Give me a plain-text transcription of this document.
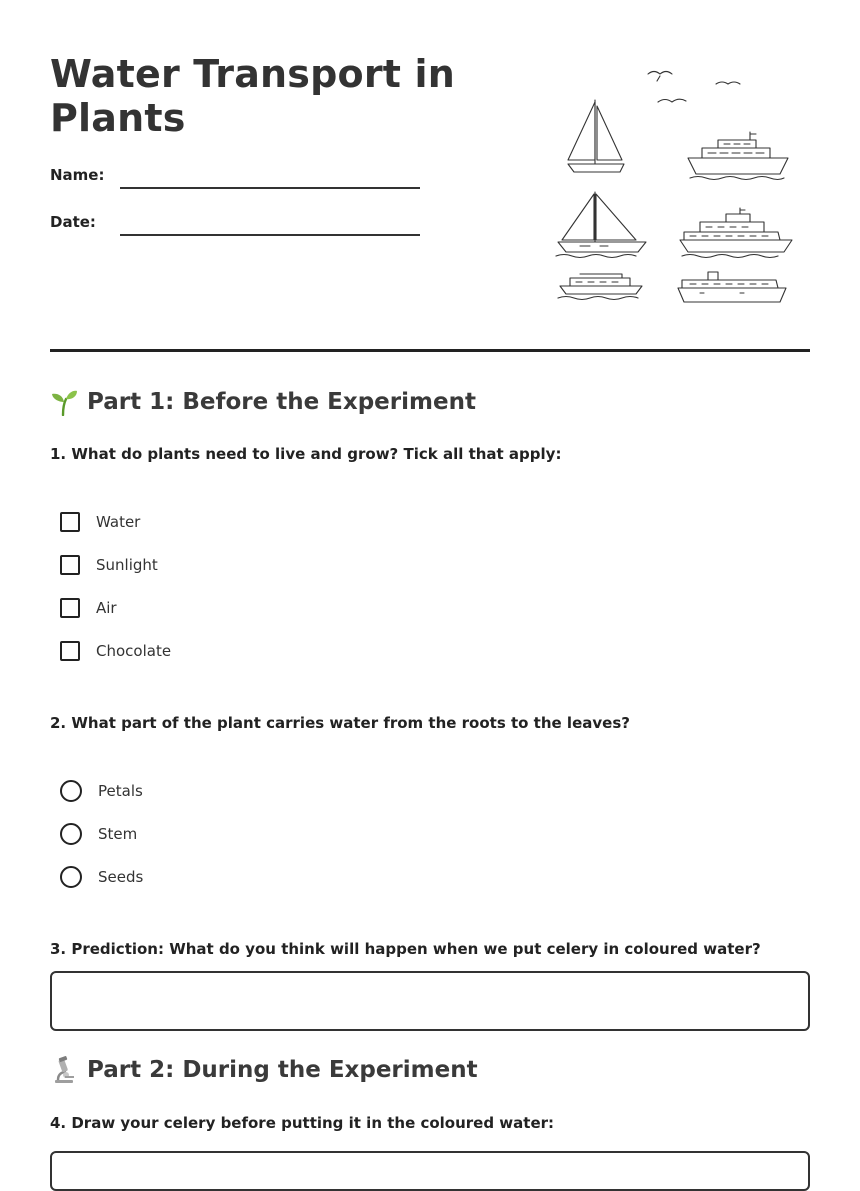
Water Transport in Plants
Name:
Date:
Part 1: Before the Experiment
1. What do plants need to live and grow? Tick all that apply:
Water
Sunlight
Air
Chocolate
2. What part of the plant carries water from the roots to the leaves?
Petals
Stem
Seeds
3. Prediction: What do you think will happen when we put celery in coloured water?
Part 2: During the Experiment
4. Draw your celery before putting it in the coloured water:
